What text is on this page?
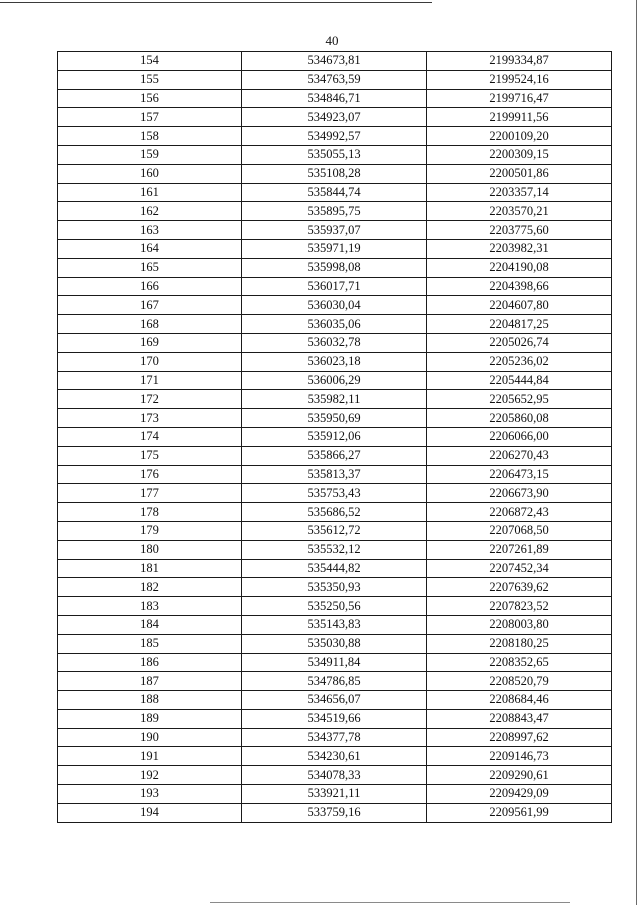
40
154	534673,81	2199334,87
155	534763,59	2199524,16
156	534846,71	2199716,47
157	534923,07	2199911,56
158	534992,57	2200109,20
159	535055,13	2200309,15
160	535108,28	2200501,86
161	535844,74	2203357,14
162	535895,75	2203570,21
163	535937,07	2203775,60
164	535971,19	2203982,31
165	535998,08	2204190,08
166	536017,71	2204398,66
167	536030,04	2204607,80
168	536035,06	2204817,25
169	536032,78	2205026,74
170	536023,18	2205236,02
171	536006,29	2205444,84
172	535982,11	2205652,95
173	535950,69	2205860,08
174	535912,06	2206066,00
175	535866,27	2206270,43
176	535813,37	2206473,15
177	535753,43	2206673,90
178	535686,52	2206872,43
179	535612,72	2207068,50
180	535532,12	2207261,89
181	535444,82	2207452,34
182	535350,93	2207639,62
183	535250,56	2207823,52
184	535143,83	2208003,80
185	535030,88	2208180,25
186	534911,84	2208352,65
187	534786,85	2208520,79
188	534656,07	2208684,46
189	534519,66	2208843,47
190	534377,78	2208997,62
191	534230,61	2209146,73
192	534078,33	2209290,61
193	533921,11	2209429,09
194	533759,16	2209561,99
